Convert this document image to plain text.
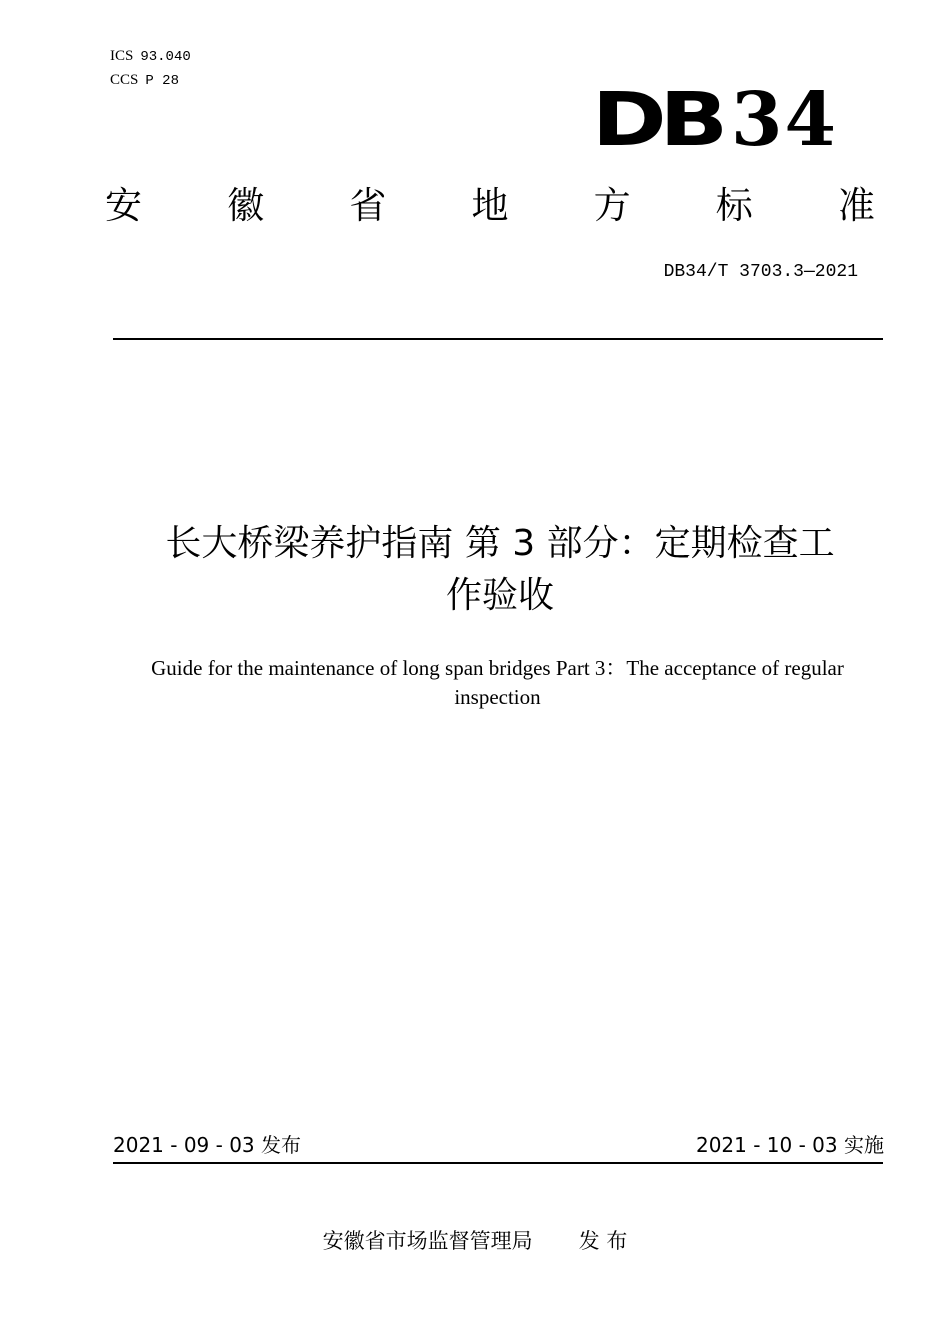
ICS 93.040
CCS P 28	DB 34
安 徽 省 地 方 标 准
DB34/T 3703.3—2021
长大桥梁养护指南 第 3 部分：定期检查工
作验收
Guide for the maintenance of long span bridges Part 3：The acceptance of regular
inspection
2021 - 09 - 03 发布	2021 - 10 - 03 实施
安徽省市场监督管理局 发 布
